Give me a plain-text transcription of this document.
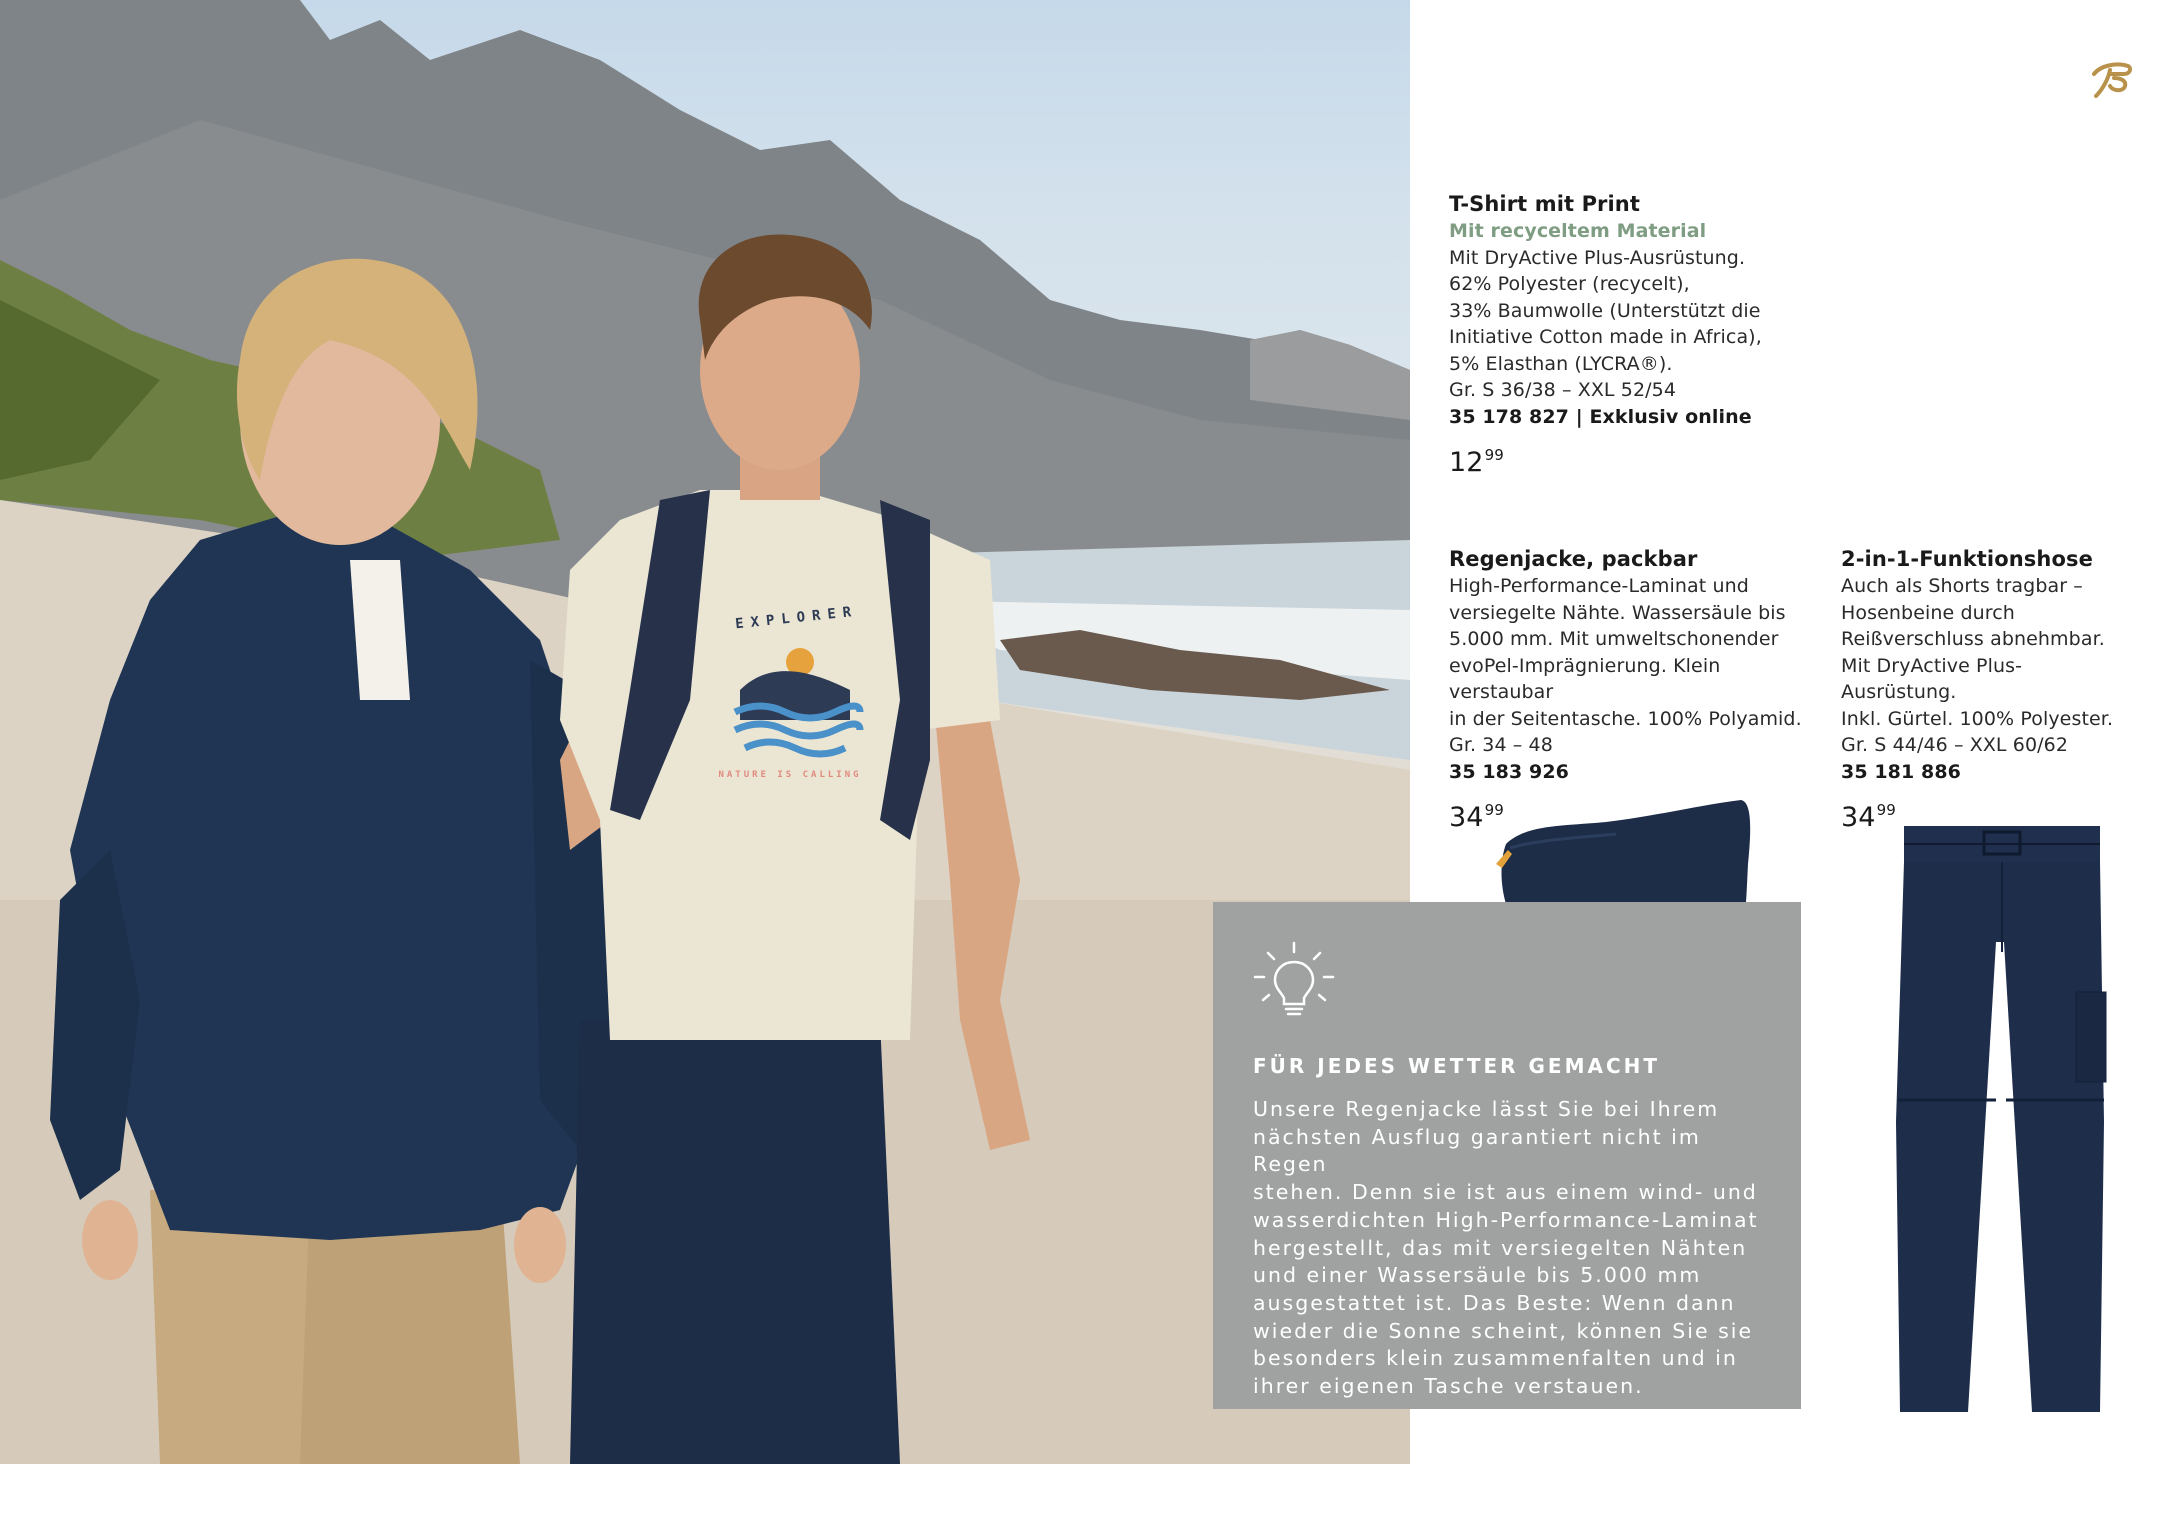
EXPLORER
NATURE IS CALLING
T-Shirt mit Print
Mit recyceltem Material
Mit DryActive Plus-Ausrüstung.
62% Polyester (recycelt),
33% Baumwolle (Unterstützt die
Initiative Cotton made in Africa),
5% Elasthan (LYCRA®).
Gr. S 36/38 – XXL 52/54
35 178 827 | Exklusiv online
$12^{99}$
Regenjacke, packbar
High-Performance-Laminat und
versiegelte Nähte. Wassersäule bis
5.000 mm. Mit umweltschonender
evoPel-Imprägnierung. Klein verstaubar
in der Seitentasche. 100% Polyamid.
Gr. 34 – 48
35 183 926
$34^{99}$
2-in-1-Funktionshose
Auch als Shorts tragbar –
Hosenbeine durch
Reißverschluss abnehmbar.
Mit DryActive Plus-Ausrüstung.
Inkl. Gürtel. 100% Polyester.
Gr. S 44/46 – XXL 60/62
35 181 886
$34^{99}$
FÜR JEDES WETTER GEMACHT

Unsere Regenjacke lässt Sie bei Ihrem
nächsten Ausflug garantiert nicht im Regen
stehen. Denn sie ist aus einem wind- und
wasserdichten High-Performance-Laminat
hergestellt, das mit versiegelten Nähten
und einer Wassersäule bis 5.000 mm
ausgestattet ist. Das Beste: Wenn dann
wieder die Sonne scheint, können Sie sie
besonders klein zusammenfalten und in
ihrer eigenen Tasche verstauen.
